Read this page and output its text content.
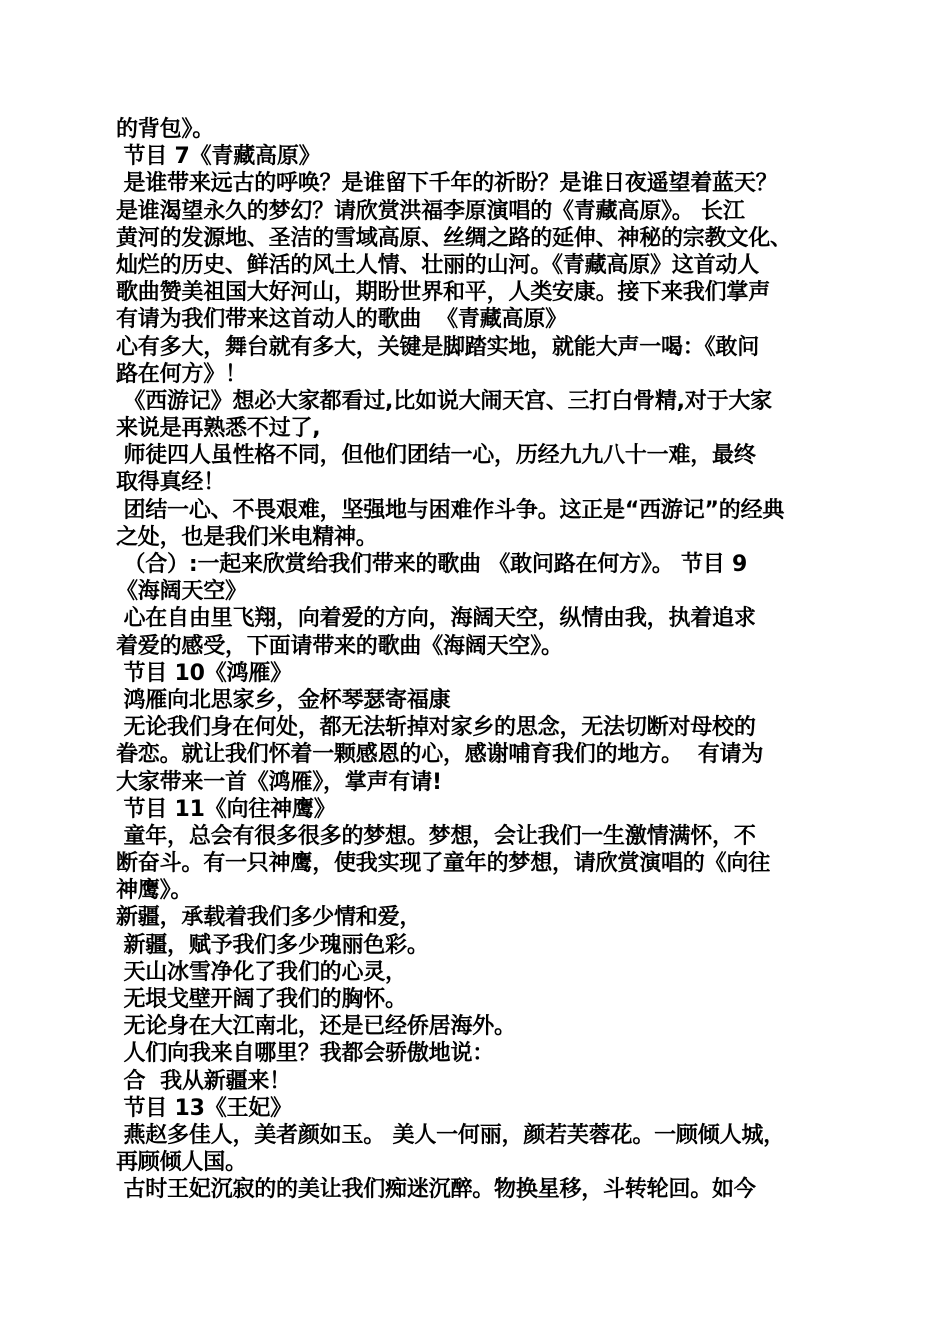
的背包》。
节目 7《青藏高原》
是谁带来远古的呼唤？是谁留下千年的祈盼？是谁日夜遥望着蓝天？
是谁渴望永久的梦幻？请欣赏洪福李原演唱的《青藏高原》。 长江
黄河的发源地、圣洁的雪域高原、丝绸之路的延伸、神秘的宗教文化、
灿烂的历史、鲜活的风土人情、壮丽的山河。《青藏高原》这首动人
歌曲赞美祖国大好河山，期盼世界和平，人类安康。接下来我们掌声
有请为我们带来这首动人的歌曲  《青藏高原》
心有多大，舞台就有多大，关键是脚踏实地，就能大声一喝：《敢问
路在何方》！
《西游记》想必大家都看过,比如说大闹天宫、三打白骨精,对于大家
来说是再熟悉不过了,
师徒四人虽性格不同，但他们团结一心，历经九九八十一难，最终
取得真经！
团结一心、不畏艰难，坚强地与困难作斗争。这正是“西游记”的经典
之处，也是我们米电精神。
（合）:一起来欣赏给我们带来的歌曲 《敢问路在何方》。 节目 9
《海阔天空》
心在自由里飞翔，向着爱的方向，海阔天空，纵情由我，执着追求
着爱的感受，下面请带来的歌曲《海阔天空》。
节目 10《鸿雁》
鸿雁向北思家乡，金杯琴瑟寄福康
无论我们身在何处，都无法斩掉对家乡的思念，无法切断对母校的
眷恋。就让我们怀着一颗感恩的心，感谢哺育我们的地方。  有请为
大家带来一首《鸿雁》，掌声有请!
节目 11《向往神鹰》
童年，总会有很多很多的梦想。梦想，会让我们一生激情满怀，不
断奋斗。有一只神鹰，使我实现了童年的梦想，请欣赏演唱的《向往
神鹰》。
新疆，承载着我们多少情和爱，
新疆，赋予我们多少瑰丽色彩。
天山冰雪净化了我们的心灵，
无垠戈壁开阔了我们的胸怀。
无论身在大江南北，还是已经侨居海外。
人们向我来自哪里？我都会骄傲地说：
合  我从新疆来！
节目 13《王妃》
燕赵多佳人，美者颜如玉。 美人一何丽，颜若芙蓉花。一顾倾人城，
再顾倾人国。
古时王妃沉寂的的美让我们痴迷沉醉。物换星移，斗转轮回。如今
